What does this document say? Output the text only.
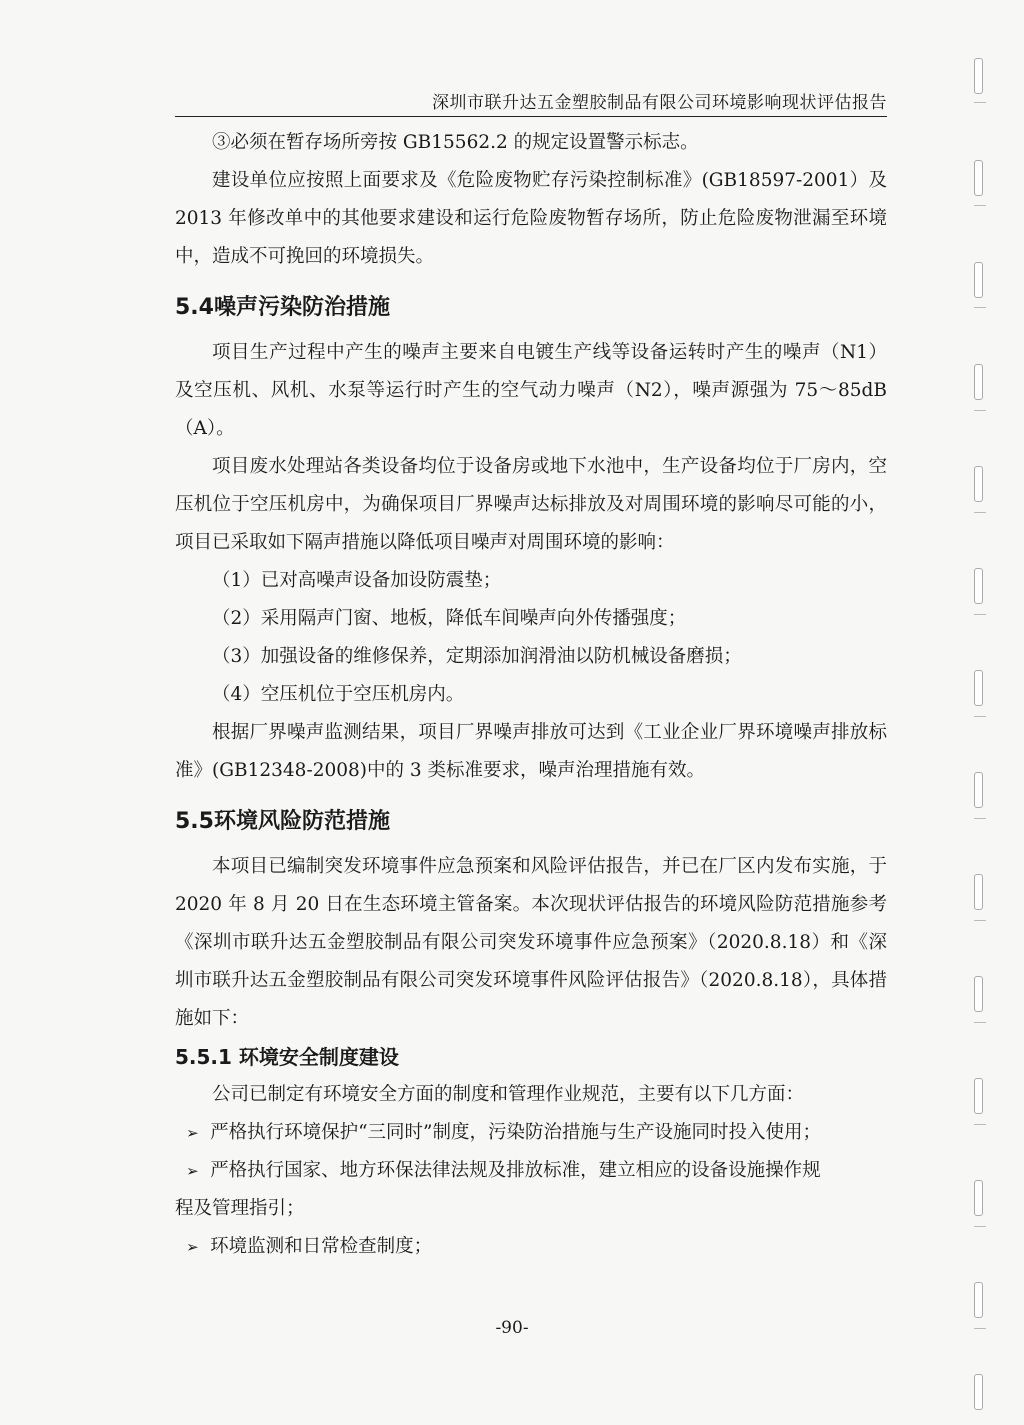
深圳市联升达五金塑胶制品有限公司环境影响现状评估报告

③必须在暂存场所旁按 GB15562.2 的规定设置警示标志。

建设单位应按照上面要求及《危险废物贮存污染控制标准》(GB18597-2001）及 2013 年修改单中的其他要求建设和运行危险废物暂存场所，防止危险废物泄漏至环境中，造成不可挽回的环境损失。

5.4噪声污染防治措施

项目生产过程中产生的噪声主要来自电镀生产线等设备运转时产生的噪声（N1）及空压机、风机、水泵等运行时产生的空气动力噪声（N2），噪声源强为 75～85dB（A）。

项目废水处理站各类设备均位于设备房或地下水池中，生产设备均位于厂房内，空压机位于空压机房中，为确保项目厂界噪声达标排放及对周围环境的影响尽可能的小，项目已采取如下隔声措施以降低项目噪声对周围环境的影响：

（1）已对高噪声设备加设防震垫；

（2）采用隔声门窗、地板，降低车间噪声向外传播强度；

（3）加强设备的维修保养，定期添加润滑油以防机械设备磨损；

（4）空压机位于空压机房内。

根据厂界噪声监测结果，项目厂界噪声排放可达到《工业企业厂界环境噪声排放标准》(GB12348-2008)中的 3 类标准要求，噪声治理措施有效。

5.5环境风险防范措施

本项目已编制突发环境事件应急预案和风险评估报告，并已在厂区内发布实施，于 2020 年 8 月 20 日在生态环境主管备案。本次现状评估报告的环境风险防范措施参考《深圳市联升达五金塑胶制品有限公司突发环境事件应急预案》（2020.8.18）和《深圳市联升达五金塑胶制品有限公司突发环境事件风险评估报告》（2020.8.18），具体措施如下：

5.5.1 环境安全制度建设

公司已制定有环境安全方面的制度和管理作业规范，主要有以下几方面：

➢ 严格执行环境保护“三同时”制度，污染防治措施与生产设施同时投入使用；

➢ 严格执行国家、地方环保法律法规及排放标准，建立相应的设备设施操作规

程及管理指引；

➢ 环境监测和日常检查制度；

-90-
